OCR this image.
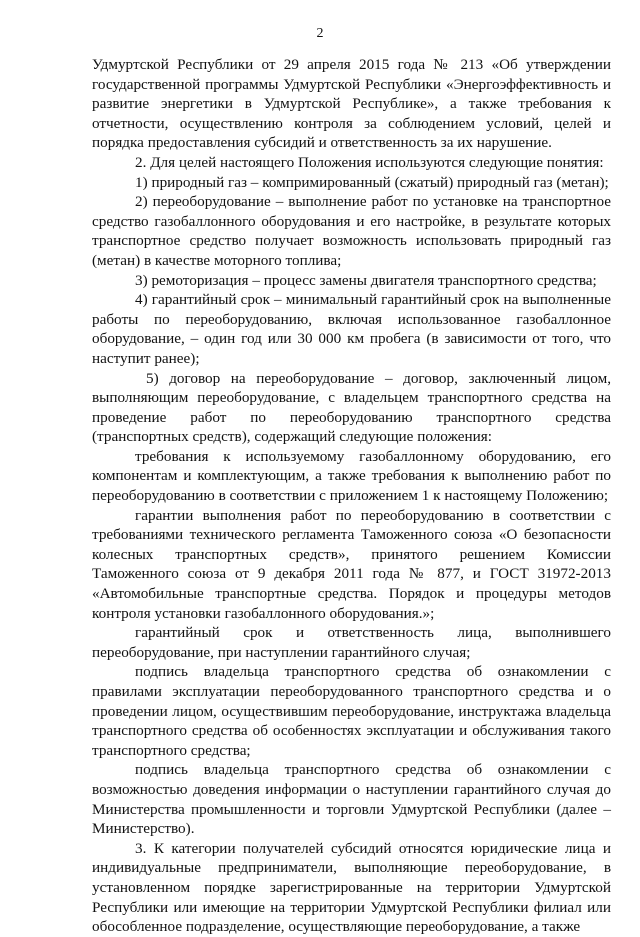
2

Удмуртской Республики от 29 апреля 2015 года № 213 «Об утверждении государственной программы Удмуртской Республики «Энергоэффективность и развитие энергетики в Удмуртской Республике», а также требования к отчетности, осуществлению контроля за соблюдением условий, целей и порядка предоставления субсидий и ответственность за их нарушение.

2. Для целей настоящего Положения используются следующие понятия:

1) природный газ – компримированный (сжатый) природный газ (метан);

2) переоборудование – выполнение работ по установке на транспортное средство газобаллонного оборудования и его настройке, в результате которых транспортное средство получает возможность использовать природный газ (метан) в качестве моторного топлива;

3) ремоторизация – процесс замены двигателя транспортного средства;

4) гарантийный срок – минимальный гарантийный срок на выполненные работы по переоборудованию, включая использованное газобаллонное оборудование, – один год или 30 000 км пробега (в зависимости от того, что наступит ранее);

5) договор на переоборудование – договор, заключенный лицом, выполняющим переоборудование, с владельцем транспортного средства на проведение работ по переоборудованию транспортного средства (транспортных средств), содержащий следующие положения:

требования к используемому газобаллонному оборудованию, его компонентам и комплектующим, а также требования к выполнению работ по переоборудованию в соответствии с приложением 1 к настоящему Положению;

гарантии выполнения работ по переоборудованию в соответствии с требованиями технического регламента Таможенного союза «О безопасности колесных транспортных средств», принятого решением Комиссии Таможенного союза от 9 декабря 2011 года № 877, и ГОСТ 31972-2013 «Автомобильные транспортные средства. Порядок и процедуры методов контроля установки газобаллонного оборудования.»;

гарантийный срок и ответственность лица, выполнившего переоборудование, при наступлении гарантийного случая;

подпись владельца транспортного средства об ознакомлении с правилами эксплуатации переоборудованного транспортного средства и о проведении лицом, осуществившим переоборудование, инструктажа владельца транспортного средства об особенностях эксплуатации и обслуживания такого транспортного средства;

подпись владельца транспортного средства об ознакомлении с возможностью доведения информации о наступлении гарантийного случая до Министерства промышленности и торговли Удмуртской Республики (далее – Министерство).

3. К категории получателей субсидий относятся юридические лица и индивидуальные предприниматели, выполняющие переоборудование, в установленном порядке зарегистрированные на территории Удмуртской Республики или имеющие на территории Удмуртской Республики филиал или обособленное подразделение, осуществляющие переоборудование, а также
